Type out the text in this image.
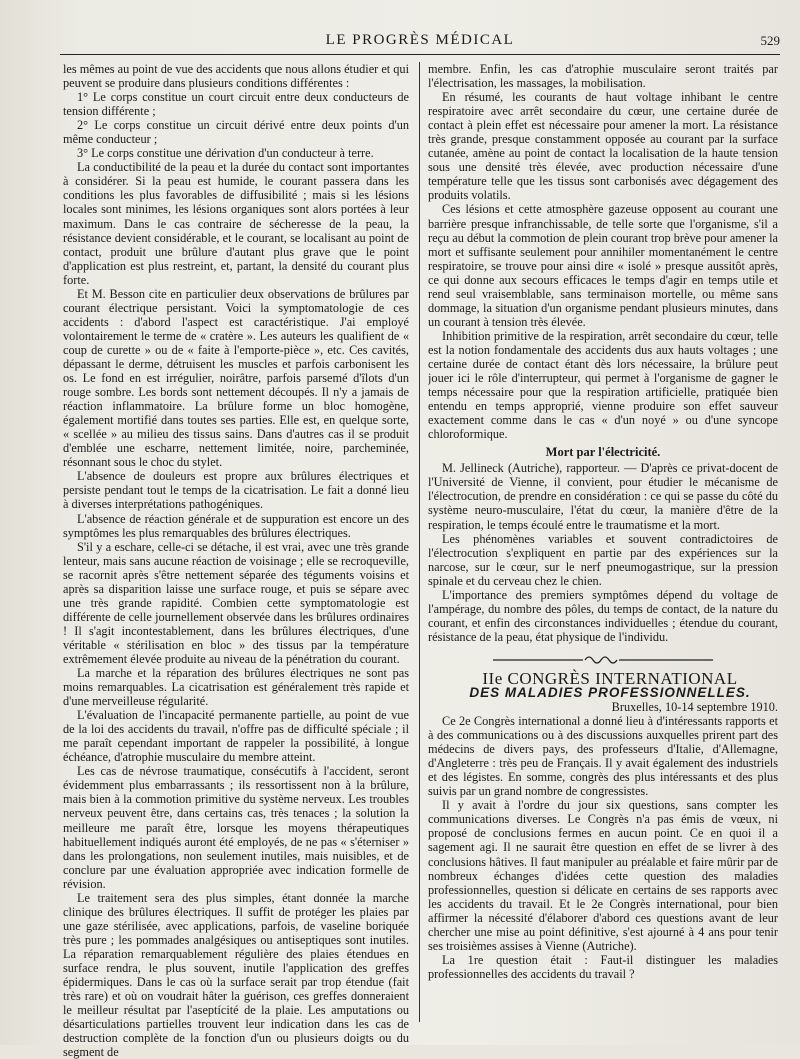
LE PROGRÈS MÉDICAL	529

les mêmes au point de vue des accidents que nous allons étudier et qui peuvent se produire dans plusieurs conditions différentes :

1° Le corps constitue un court circuit entre deux conducteurs de tension différente ;

2° Le corps constitue un circuit dérivé entre deux points d'un même conducteur ;

3° Le corps constitue une dérivation d'un conducteur à terre.

La conductibilité de la peau et la durée du contact sont importantes à considérer. Si la peau est humide, le courant passera dans les conditions les plus favorables de diffusibilité ; mais si les lésions locales sont minimes, les lésions organiques sont alors portées à leur maximum. Dans le cas contraire de sécheresse de la peau, la résistance devient considérable, et le courant, se localisant au point de contact, produit une brûlure d'autant plus grave que le point d'application est plus restreint, et, partant, la densité du courant plus forte.

Et M. Besson cite en particulier deux observations de brûlures par courant électrique persistant. Voici la symptomatologie de ces accidents : d'abord l'aspect est caractéristique. J'ai employé volontairement le terme de « cratère ». Les auteurs les qualifient de « coup de curette » ou de « faite à l'emporte-pièce », etc. Ces cavités, dépassant le derme, détruisent les muscles et parfois carbonisent les os. Le fond en est irrégulier, noirâtre, parfois parsemé d'îlots d'un rouge sombre. Les bords sont nettement découpés. Il n'y a jamais de réaction inflammatoire. La brûlure forme un bloc homogène, également mortifié dans toutes ses parties. Elle est, en quelque sorte, « scellée » au milieu des tissus sains. Dans d'autres cas il se produit d'emblée une escharre, nettement limitée, noire, parcheminée, résonnant sous le choc du stylet.

L'absence de douleurs est propre aux brûlures électriques et persiste pendant tout le temps de la cicatrisation. Le fait a donné lieu à diverses interprétations pathogéniques.

L'absence de réaction générale et de suppuration est encore un des symptômes les plus remarquables des brûlures électriques.

S'il y a eschare, celle-ci se détache, il est vrai, avec une très grande lenteur, mais sans aucune réaction de voisinage ; elle se recroqueville, se racornit après s'être nettement séparée des téguments voisins et après sa disparition laisse une surface rouge, et puis se sépare avec une très grande rapidité. Combien cette symptomatologie est différente de celle journellement observée dans les brûlures ordinaires ! Il s'agit incontestablement, dans les brûlures électriques, d'une véritable « stérilisation en bloc » des tissus par la température extrêmement élevée produite au niveau de la pénétration du courant.

La marche et la réparation des brûlures électriques ne sont pas moins remarquables. La cicatrisation est généralement très rapide et d'une merveilleuse régularité.

L'évaluation de l'incapacité permanente partielle, au point de vue de la loi des accidents du travail, n'offre pas de difficulté spéciale ; il me paraît cependant important de rappeler la possibilité, à longue échéance, d'atrophie musculaire du membre atteint.

Les cas de névrose traumatique, consécutifs à l'accident, seront évidemment plus embarrassants ; ils ressortissent non à la brûlure, mais bien à la commotion primitive du système nerveux. Les troubles nerveux peuvent être, dans certains cas, très tenaces ; la solution la meilleure me paraît être, lorsque les moyens thérapeutiques habituellement indiqués auront été employés, de ne pas « s'éterniser » dans les prolongations, non seulement inutiles, mais nuisibles, et de conclure par une évaluation appropriée avec indication formelle de révision.

Le traitement sera des plus simples, étant donnée la marche clinique des brûlures électriques. Il suffit de protéger les plaies par une gaze stérilisée, avec applications, parfois, de vaseline boriquée très pure ; les pommades analgésiques ou antiseptiques sont inutiles. La réparation remarquablement régulière des plaies étendues en surface rendra, le plus souvent, inutile l'application des greffes épidermiques. Dans le cas où la surface serait par trop étendue (fait très rare) et où on voudrait hâter la guérison, ces greffes donneraient le meilleur résultat par l'aseptícité de la plaie. Les amputations ou désarticulations partielles trouvent leur indication dans les cas de destruction complète de la fonction d'un ou plusieurs doigts ou du segment de

membre. Enfin, les cas d'atrophie musculaire seront traités par l'électrisation, les massages, la mobilisation.

En résumé, les courants de haut voltage inhibant le centre respiratoire avec arrêt secondaire du cœur, une certaine durée de contact à plein effet est nécessaire pour amener la mort. La résistance très grande, presque constamment opposée au courant par la surface cutanée, amène au point de contact la localisation de la haute tension sous une densité très élevée, avec production nécessaire d'une température telle que les tissus sont carbonisés avec dégagement des produits volatils.

Ces lésions et cette atmosphère gazeuse opposent au courant une barrière presque infranchissable, de telle sorte que l'organisme, s'il a reçu au début la commotion de plein courant trop brève pour amener la mort et suffisante seulement pour annihiler momentanément le centre respiratoire, se trouve pour ainsi dire « isolé » presque aussitôt après, ce qui donne aux secours efficaces le temps d'agir en temps utile et rend seul vraisemblable, sans terminaison mortelle, ou même sans dommage, la situation d'un organisme pendant plusieurs minutes, dans un courant à tension très élevée.

Inhibition primitive de la respiration, arrêt secondaire du cœur, telle est la notion fondamentale des accidents dus aux hauts voltages ; une certaine durée de contact étant dès lors nécessaire, la brûlure peut jouer ici le rôle d'interrupteur, qui permet à l'organisme de gagner le temps nécessaire pour que la respiration artificielle, pratiquée bien entendu en temps approprié, vienne produire son effet sauveur exactement comme dans le cas « d'un noyé » ou d'une syncope chloroformique.

Mort par l'électricité.

M. Jellineck (Autriche), rapporteur. — D'après ce privat-docent de l'Université de Vienne, il convient, pour étudier le mécanisme de l'électrocution, de prendre en considération : ce qui se passe du côté du système neuro-musculaire, l'état du cœur, la manière d'être de la respiration, le temps écoulé entre le traumatisme et la mort.

Les phénomènes variables et souvent contradictoires de l'électrocution s'expliquent en partie par des expériences sur la narcose, sur le cœur, sur le nerf pneumogastrique, sur la pression spinale et du cerveau chez le chien.

L'importance des premiers symptômes dépend du voltage de l'ampérage, du nombre des pôles, du temps de contact, de la nature du courant, et enfin des circonstances individuelles ; étendue du courant, résistance de la peau, état physique de l'individu.

IIe CONGRÈS INTERNATIONAL

DES MALADIES PROFESSIONNELLES.

Bruxelles, 10-14 septembre 1910.

Ce 2e Congrès international a donné lieu à d'intéressants rapports et à des communications ou à des discussions auxquelles prirent part des médecins de divers pays, des professeurs d'Italie, d'Allemagne, d'Angleterre : très peu de Français. Il y avait également des industriels et des légistes. En somme, congrès des plus intéressants et des plus suivis par un grand nombre de congressistes.

Il y avait à l'ordre du jour six questions, sans compter les communications diverses. Le Congrès n'a pas émis de vœux, ni proposé de conclusions fermes en aucun point. Ce en quoi il a sagement agi. Il ne saurait être question en effet de se livrer à des conclusions hâtives. Il faut manipuler au préalable et faire mûrir par de nombreux échanges d'idées cette question des maladies professionnelles, question si délicate en certains de ses rapports avec les accidents du travail. Et le 2e Congrès international, pour bien affirmer la nécessité d'élaborer d'abord ces questions avant de leur chercher une mise au point définitive, s'est ajourné à 4 ans pour tenir ses troisièmes assises à Vienne (Autriche).

La 1re question était : Faut-il distinguer les maladies professionnelles des accidents du travail ?
